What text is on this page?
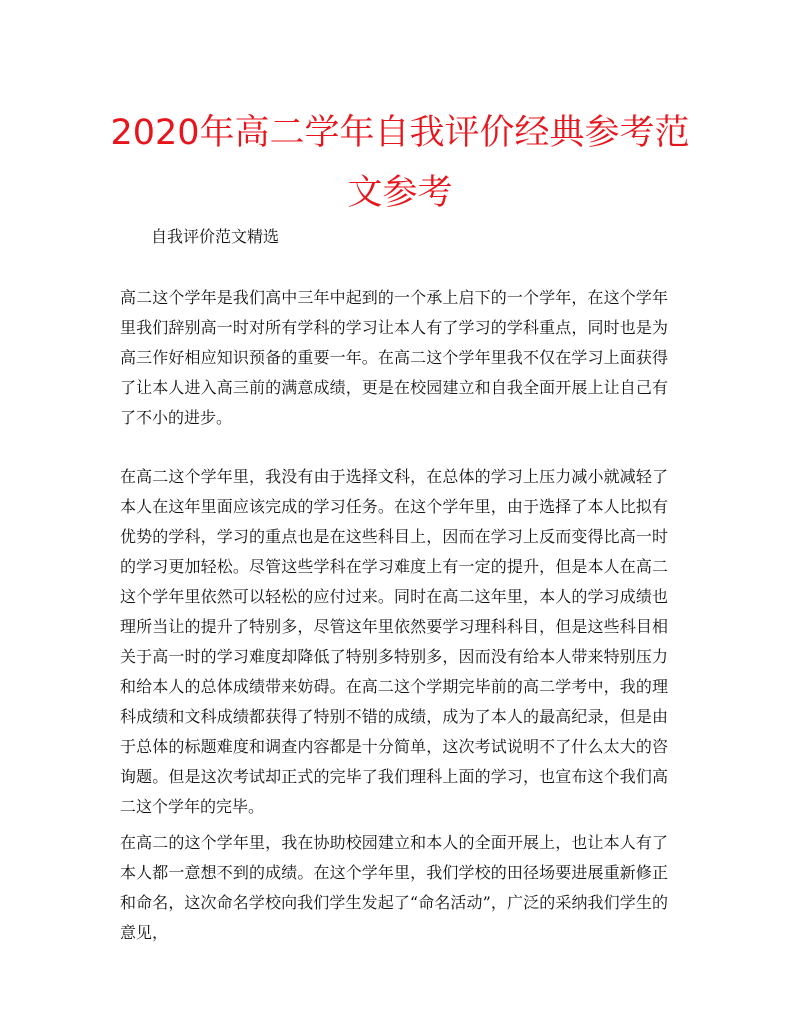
2020年高二学年自我评价经典参考范文参考

自我评价范文精选

高二这个学年是我们高中三年中起到的一个承上启下的一个学年，在这个学年里我们辞别高一时对所有学科的学习让本人有了学习的学科重点，同时也是为高三作好相应知识预备的重要一年。在高二这个学年里我不仅在学习上面获得了让本人进入高三前的满意成绩，更是在校园建立和自我全面开展上让自己有了不小的进步。

在高二这个学年里，我没有由于选择文科，在总体的学习上压力减小就减轻了本人在这年里面应该完成的学习任务。在这个学年里，由于选择了本人比拟有优势的学科，学习的重点也是在这些科目上，因而在学习上反而变得比高一时的学习更加轻松。尽管这些学科在学习难度上有一定的提升，但是本人在高二这个学年里依然可以轻松的应付过来。同时在高二这年里，本人的学习成绩也理所当让的提升了特别多，尽管这年里依然要学习理科科目，但是这些科目相关于高一时的学习难度却降低了特别多特别多，因而没有给本人带来特别压力和给本人的总体成绩带来妨碍。在高二这个学期完毕前的高二学考中，我的理科成绩和文科成绩都获得了特别不错的成绩，成为了本人的最高纪录，但是由于总体的标题难度和调查内容都是十分简单，这次考试说明不了什么太大的咨询题。但是这次考试却正式的完毕了我们理科上面的学习，也宣布这个我们高二这个学年的完毕。

在高二的这个学年里，我在协助校园建立和本人的全面开展上，也让本人有了本人都一意想不到的成绩。在这个学年里，我们学校的田径场要进展重新修正和命名，这次命名学校向我们学生发起了“命名活动”，广泛的采纳我们学生的意见，
